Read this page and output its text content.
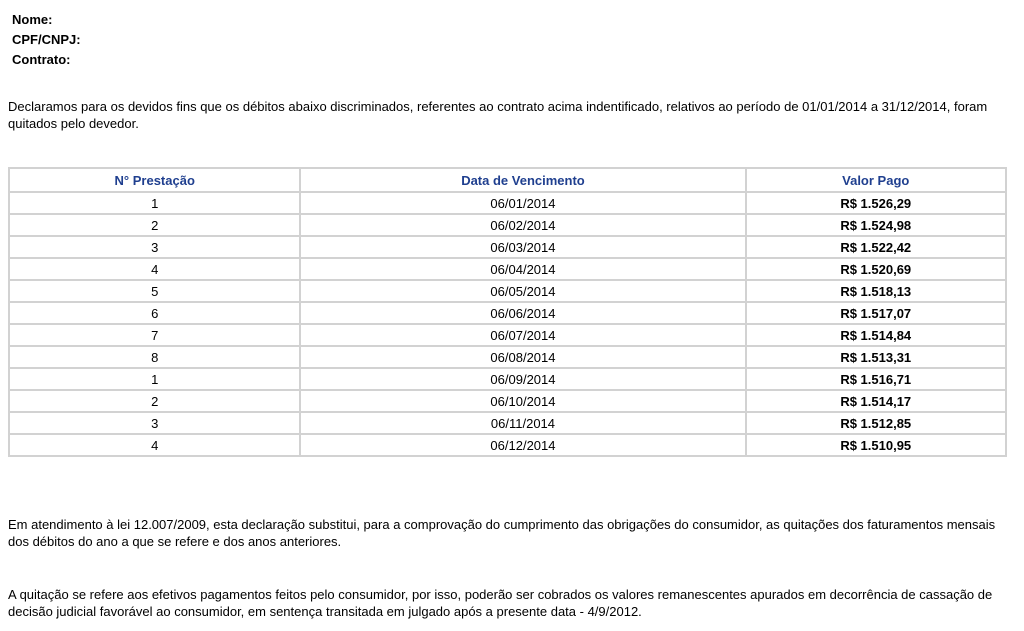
Nome:
CPF/CNPJ:
Contrato:
Declaramos para os devidos fins que os débitos abaixo discriminados, referentes ao contrato acima indentificado, relativos ao período de 01/01/2014 a 31/12/2014, foram quitados pelo devedor.
N° Prestação	Data de Vencimento	Valor Pago
1	06/01/2014	R$ 1.526,29
2	06/02/2014	R$ 1.524,98
3	06/03/2014	R$ 1.522,42
4	06/04/2014	R$ 1.520,69
5	06/05/2014	R$ 1.518,13
6	06/06/2014	R$ 1.517,07
7	06/07/2014	R$ 1.514,84
8	06/08/2014	R$ 1.513,31
1	06/09/2014	R$ 1.516,71
2	06/10/2014	R$ 1.514,17
3	06/11/2014	R$ 1.512,85
4	06/12/2014	R$ 1.510,95
Em atendimento à lei 12.007/2009, esta declaração substitui, para a comprovação do cumprimento das obrigações do consumidor, as quitações dos faturamentos mensais dos débitos do ano a que se refere e dos anos anteriores.
A quitação se refere aos efetivos pagamentos feitos pelo consumidor, por isso, poderão ser cobrados os valores remanescentes apurados em decorrência de cassação de decisão judicial favorável ao consumidor, em sentença transitada em julgado após a presente data - 4/9/2012.
